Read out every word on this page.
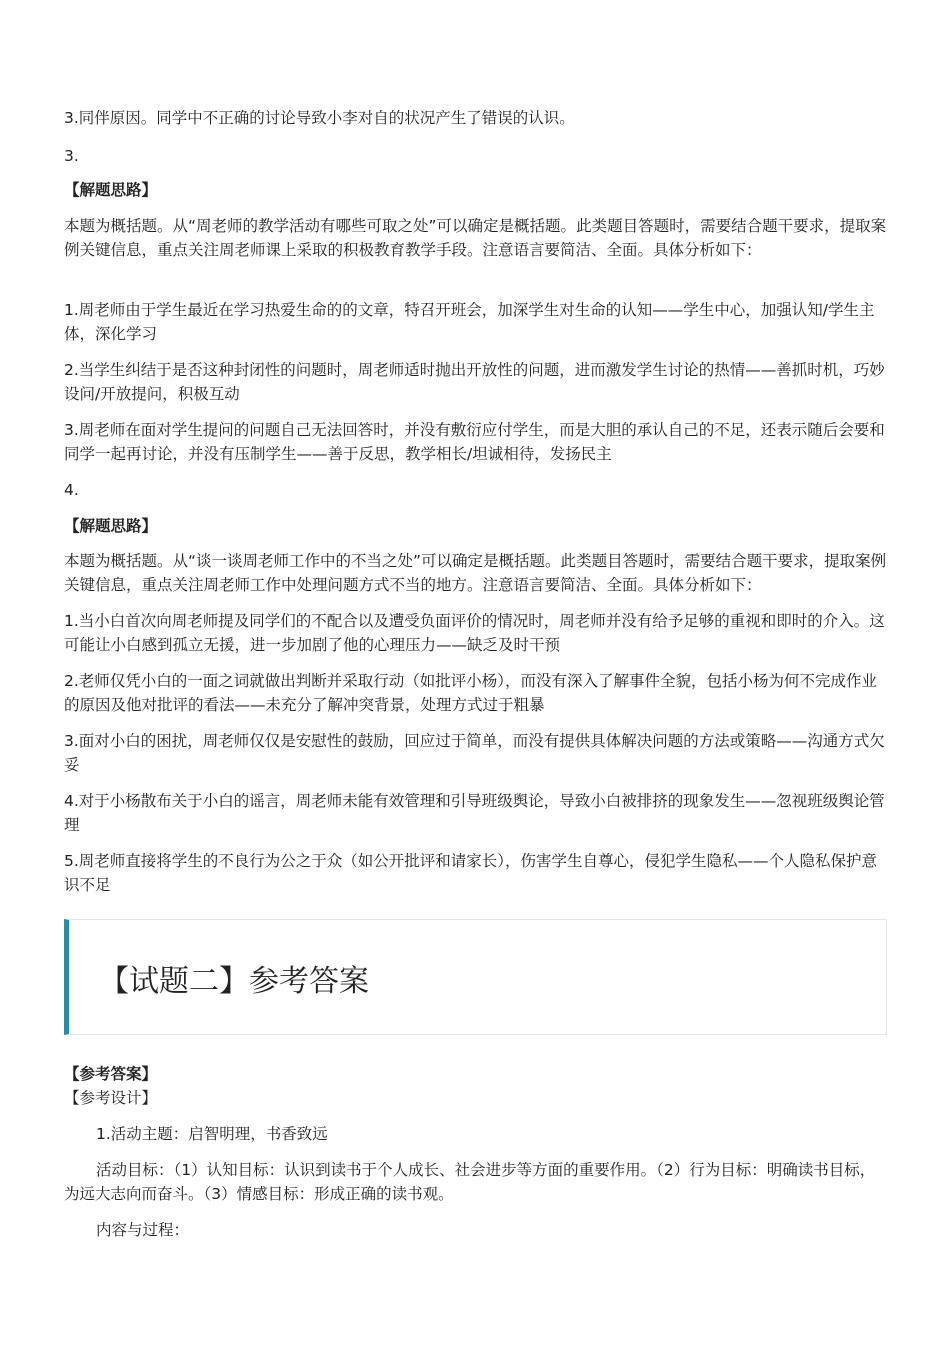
3.同伴原因。同学中不正确的讨论导致小李对自的状况产生了错误的认识。

3.

【解题思路】

本题为概括题。从“周老师的教学活动有哪些可取之处”可以确定是概括题。此类题目答题时，需要结合题干要求，提取案例关键信息，重点关注周老师课上采取的积极教育教学手段。注意语言要简洁、全面。具体分析如下：

1.周老师由于学生最近在学习热爱生命的的文章，特召开班会，加深学生对生命的认知——学生中心，加强认知/学生主体，深化学习

2.当学生纠结于是否这种封闭性的问题时，周老师适时抛出开放性的问题，进而激发学生讨论的热情——善抓时机，巧妙设问/开放提问，积极互动

3.周老师在面对学生提问的问题自己无法回答时，并没有敷衍应付学生，而是大胆的承认自己的不足，还表示随后会要和同学一起再讨论，并没有压制学生——善于反思，教学相长/坦诚相待，发扬民主

4.

【解题思路】

本题为概括题。从“谈一谈周老师工作中的不当之处”可以确定是概括题。此类题目答题时，需要结合题干要求，提取案例关键信息，重点关注周老师工作中处理问题方式不当的地方。注意语言要简洁、全面。具体分析如下：

1.当小白首次向周老师提及同学们的不配合以及遭受负面评价的情况时，周老师并没有给予足够的重视和即时的介入。这可能让小白感到孤立无援，进一步加剧了他的心理压力——缺乏及时干预

2.老师仅凭小白的一面之词就做出判断并采取行动（如批评小杨），而没有深入了解事件全貌，包括小杨为何不完成作业的原因及他对批评的看法——未充分了解冲突背景，处理方式过于粗暴

3.面对小白的困扰，周老师仅仅是安慰性的鼓励，回应过于简单，而没有提供具体解决问题的方法或策略——沟通方式欠妥

4.对于小杨散布关于小白的谣言，周老师未能有效管理和引导班级舆论，导致小白被排挤的现象发生——忽视班级舆论管理

5.周老师直接将学生的不良行为公之于众（如公开批评和请家长），伤害学生自尊心，侵犯学生隐私——个人隐私保护意识不足

【试题二】参考答案

【参考答案】

【参考设计】

1.活动主题：启智明理，书香致远

活动目标：（1）认知目标：认识到读书于个人成长、社会进步等方面的重要作用。（2）行为目标：明确读书目标，为远大志向而奋斗。（3）情感目标：形成正确的读书观。

内容与过程：
